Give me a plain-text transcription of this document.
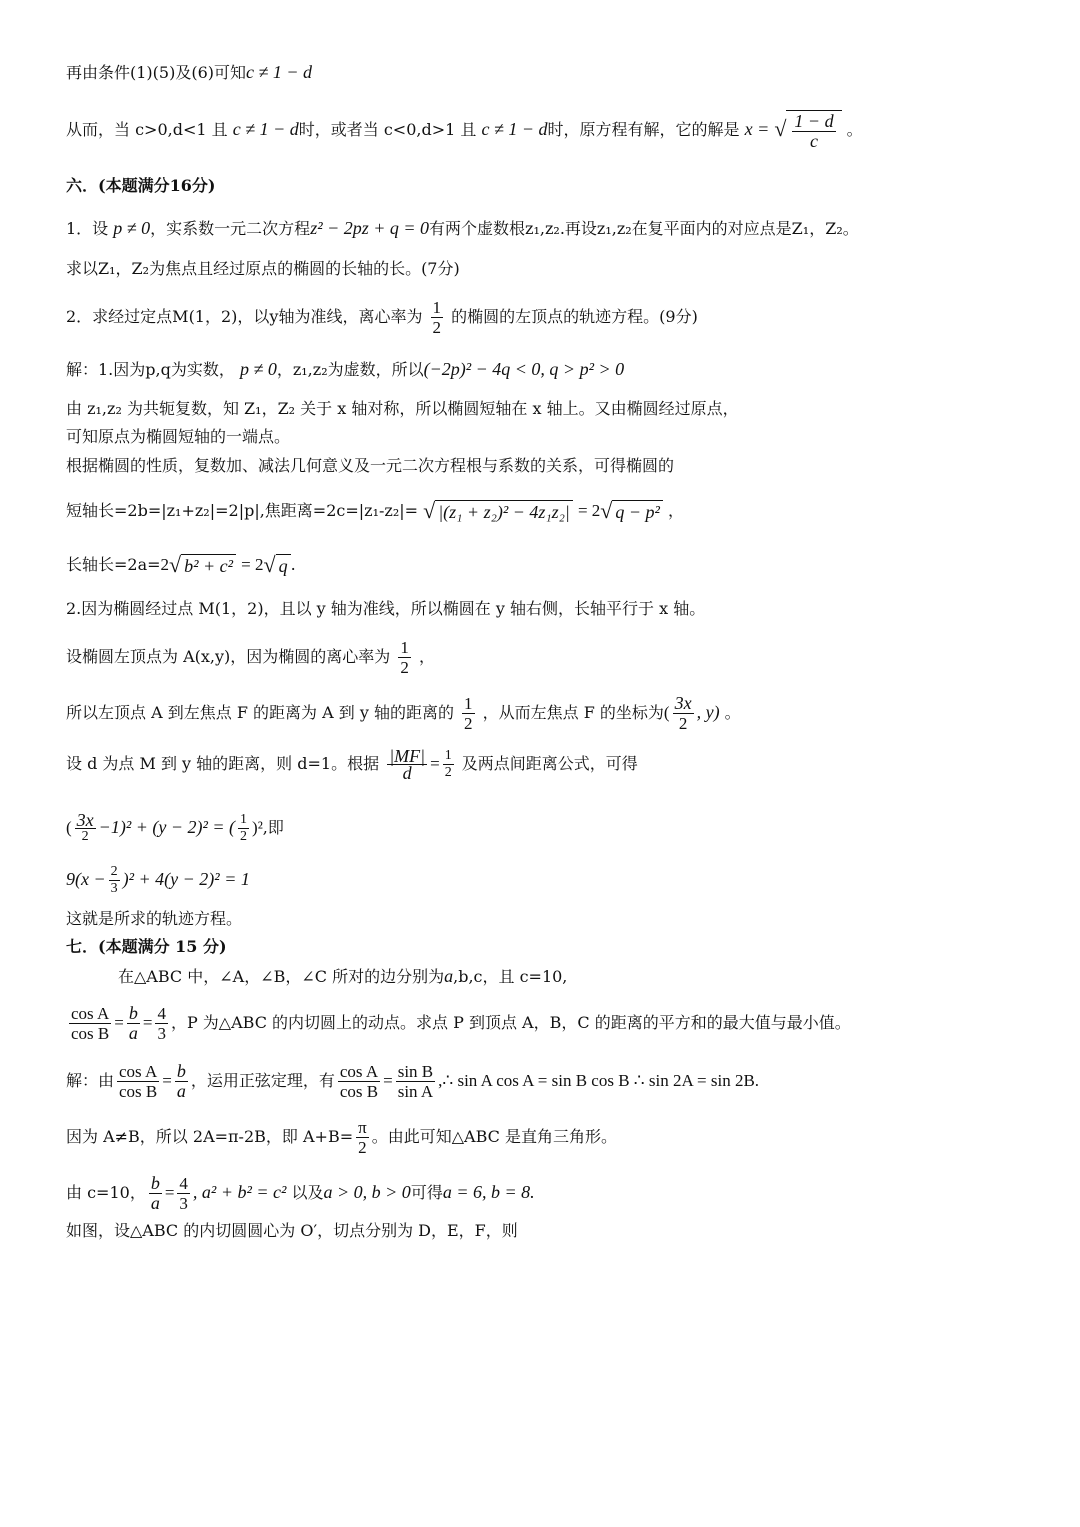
再由条件(1)(5)及(6)可知c ≠ 1 − d
从而，当 c>0,d<1 且 c ≠ 1 − d时，或者当 c<0,d>1 且 c ≠ 1 − d时，原方程有解，它的解是 x = √ $\frac{1 - d}{c}$ 。
六．(本题满分16分)
1．设 p ≠ 0，实系数一元二次方程z² − 2pz + q = 0有两个虚数根z₁,z₂.再设z₁,z₂在复平面内的对应点是Z₁，Z₂。
求以Z₁，Z₂为焦点且经过原点的椭圆的长轴的长。(7分)
2．求经过定点M(1，2)，以y轴为准线，离心率为 $\frac{1}{2}$ 的椭圆的左顶点的轨迹方程。(9分)
解：1.因为p,q为实数， p ≠ 0，z₁,z₂为虚数，所以(−2p)² − 4q < 0, q > p² > 0
由 z₁,z₂ 为共轭复数，知 Z₁，Z₂ 关于 x 轴对称，所以椭圆短轴在 x 轴上。又由椭圆经过原点，
可知原点为椭圆短轴的一端点。
根据椭圆的性质，复数加、减法几何意义及一元二次方程根与系数的关系，可得椭圆的
短轴长=2b=|z₁+z₂|=2|p|,焦距离=2c=|z₁-z₂|= √ |(z₁ + z₂)² − 4z₁z₂| = 2√ q − p² ，
长轴长=2a=2√ b² + c² = 2√ q .
2.因为椭圆经过点 M(1，2)，且以 y 轴为准线，所以椭圆在 y 轴右侧，长轴平行于 x 轴。
设椭圆左顶点为 A(x,y)，因为椭圆的离心率为 $\frac{1}{2}$ ，
所以左顶点 A 到左焦点 F 的距离为 A 到 y 轴的距离的 $\frac{1}{2}$ ，从而左焦点 F 的坐标为( $\frac{3x}{2}$ , y) 。
设 d 为点 M 到 y 轴的距离，则 d=1。根据 $\frac{|MF|}{d} = \frac{1}{2}$ 及两点间距离公式，可得
( $\frac{3x}{2} -1)^2 + (y - 2)^2$ = ( $\frac{1}{2} )^2$,即
$9(x - \frac{2}{3} )^2 + 4(y - 2)^2 = 1$
这就是所求的轨迹方程。
七．(本题满分 15 分)
在△ABC 中，∠A，∠B，∠C 所对的边分别为a,b,c，且 c=10,
$\frac{\text{cos A}}{\text{cos B}} = \frac{b}{a} = \frac{4}{3}$ ，P 为△ABC 的内切圆上的动点。求点 P 到顶点 A，B，C 的距离的平方和的最大值与最小值。
解：由 $\frac{\text{cos A}}{\text{cos B}} = \frac{b}{a}$ ，运用正弦定理，有 $\frac{\text{cos A}}{\text{cos B}} = \frac{\text{sin B}}{\text{sin A}}$ ,∴ sin A cos A = sin B cos B ∴ sin 2A = sin 2B.
因为 A≠B，所以 2A=π-2B，即 $A+B= \frac{\pi}{2}$ 。由此可知△ABC 是直角三角形。
由 c=10， $\frac{b}{a} = \frac{4}{3}$ , a² + b² = c² 以及a > 0, b > 0可得a = 6, b = 8.
如图，设△ABC 的内切圆圆心为 O′，切点分别为 D，E，F，则
